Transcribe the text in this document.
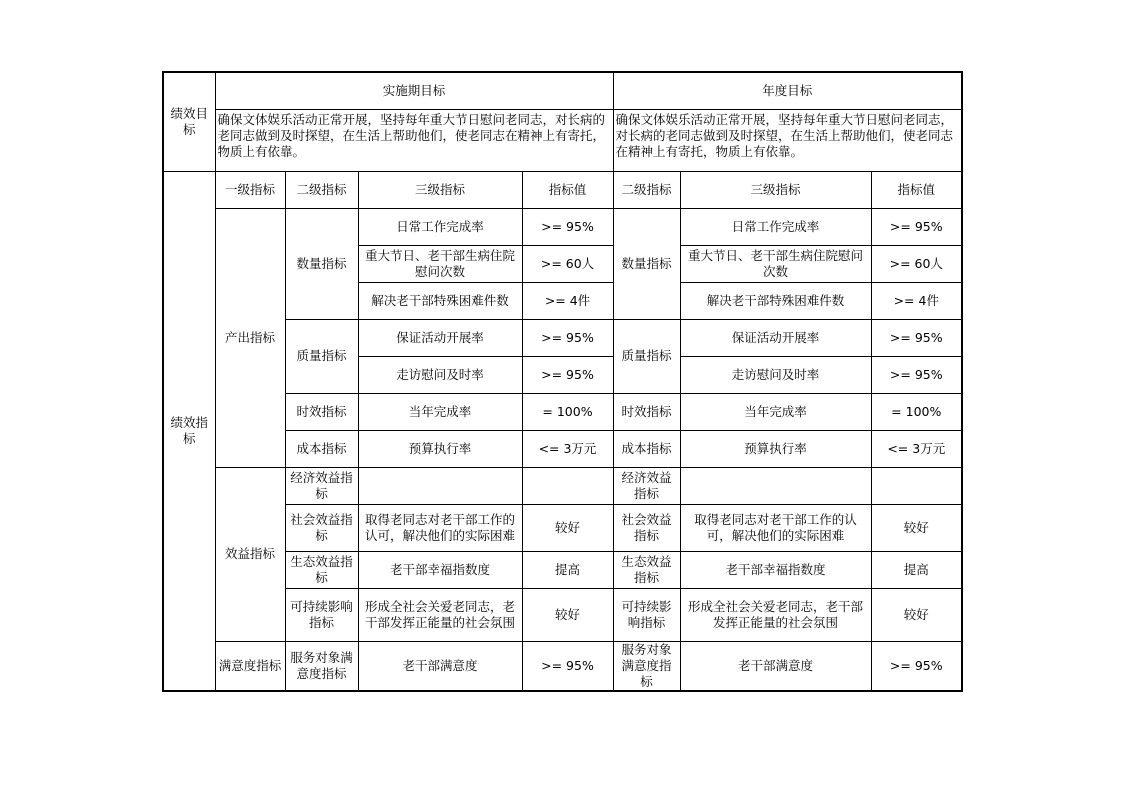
绩效目标	实施期目标				年度目标		
	确保文体娱乐活动正常开展，坚持每年重大节日慰问老同志，对长病的老同志做到及时探望，在生活上帮助他们，使老同志在精神上有寄托，物质上有依靠。				确保文体娱乐活动正常开展，坚持每年重大节日慰问老同志，对长病的老同志做到及时探望，在生活上帮助他们，使老同志在精神上有寄托，物质上有依靠。		
绩效指标	一级指标	二级指标	三级指标	指标值	二级指标	三级指标	指标值
	产出指标	数量指标	日常工作完成率	>= 95%	数量指标	日常工作完成率	>= 95%
			重大节日、老干部生病住院慰问次数	>= 60人		重大节日、老干部生病住院慰问次数	>= 60人
			解决老干部特殊困难件数	>= 4件		解决老干部特殊困难件数	>= 4件
		质量指标	保证活动开展率	>= 95%	质量指标	保证活动开展率	>= 95%
			走访慰问及时率	>= 95%		走访慰问及时率	>= 95%
		时效指标	当年完成率	= 100%	时效指标	当年完成率	= 100%
		成本指标	预算执行率	<= 3万元	成本指标	预算执行率	<= 3万元
	效益指标	经济效益指标			经济效益指标		
		社会效益指标	取得老同志对老干部工作的认可，解决他们的实际困难	较好	社会效益指标	取得老同志对老干部工作的认可，解决他们的实际困难	较好
		生态效益指标	老干部幸福指数度	提高	生态效益指标	老干部幸福指数度	提高
		可持续影响指标	形成全社会关爱老同志，老干部发挥正能量的社会氛围	较好	可持续影响指标	形成全社会关爱老同志，老干部发挥正能量的社会氛围	较好
	满意度指标	服务对象满意度指标	老干部满意度	>= 95%	服务对象满意度指标	老干部满意度	>= 95%
